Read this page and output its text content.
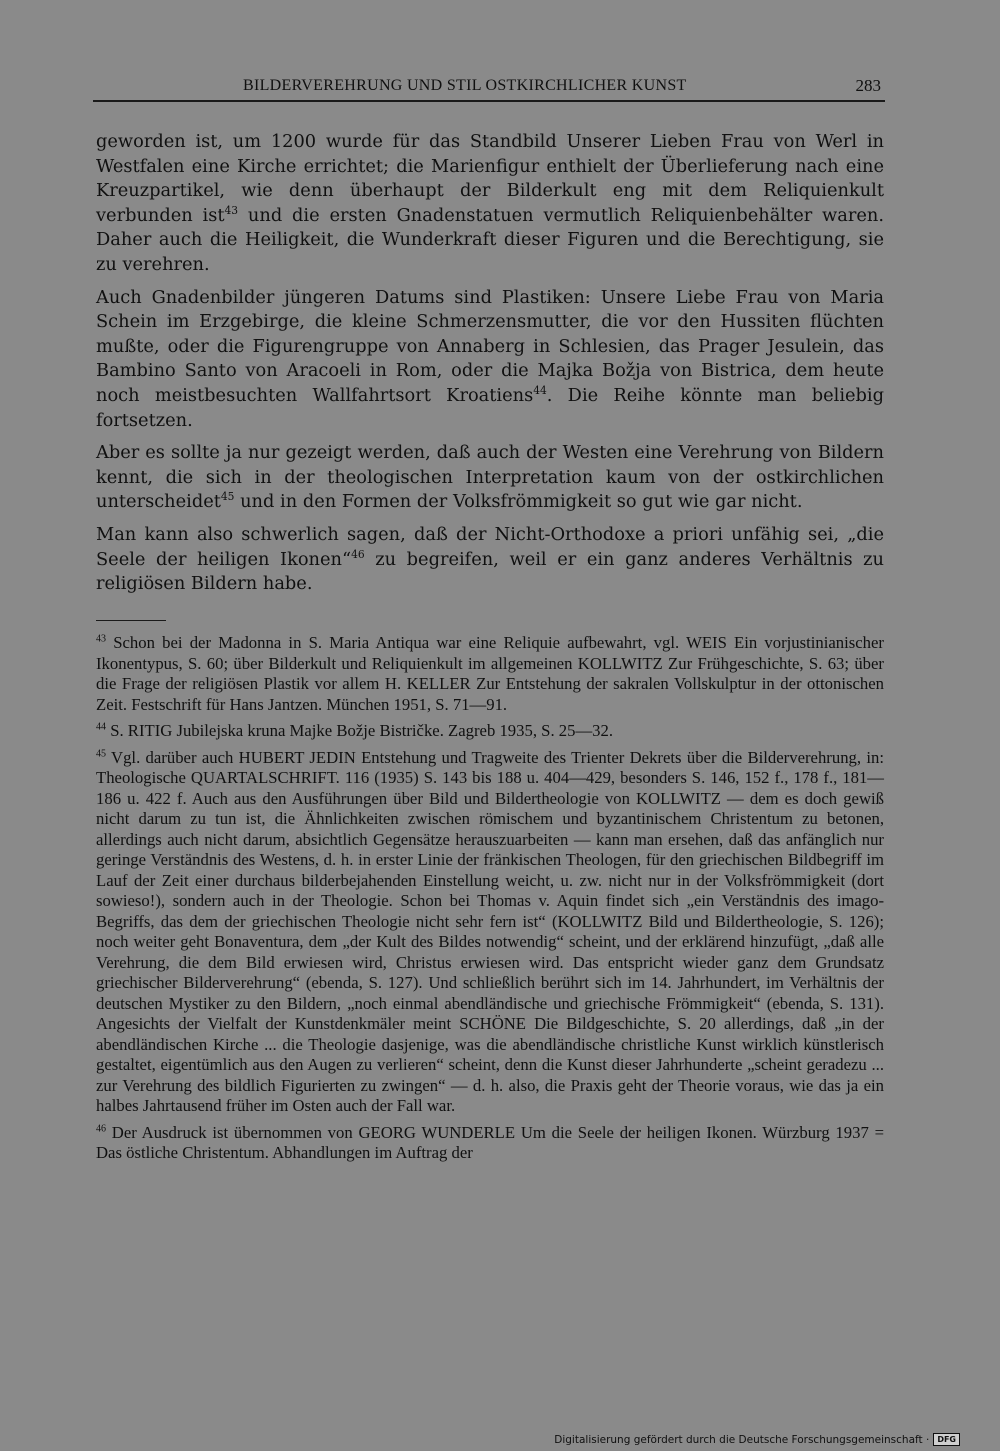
BILDERVEREHRUNG UND STIL OSTKIRCHLICHER KUNST	283

geworden ist, um 1200 wurde für das Standbild Unserer Lieben Frau von Werl in Westfalen eine Kirche errichtet; die Marienfigur enthielt der Überlieferung nach eine Kreuzpartikel, wie denn überhaupt der Bilderkult eng mit dem Reliquienkult verbunden ist$^{43}$ und die ersten Gnadenstatuen vermutlich Reliquienbehälter waren. Daher auch die Heiligkeit, die Wunderkraft dieser Figuren und die Berechtigung, sie zu verehren.

Auch Gnadenbilder jüngeren Datums sind Plastiken: Unsere Liebe Frau von Maria Schein im Erzgebirge, die kleine Schmerzensmutter, die vor den Hussiten flüchten mußte, oder die Figurengruppe von Annaberg in Schlesien, das Prager Jesulein, das Bambino Santo von Aracoeli in Rom, oder die Majka Božja von Bistrica, dem heute noch meistbesuchten Wallfahrtsort Kroatiens$^{44}$. Die Reihe könnte man beliebig fortsetzen.

Aber es sollte ja nur gezeigt werden, daß auch der Westen eine Verehrung von Bildern kennt, die sich in der theologischen Interpretation kaum von der ostkirchlichen unterscheidet$^{45}$ und in den Formen der Volksfrömmigkeit so gut wie gar nicht.

Man kann also schwerlich sagen, daß der Nicht-Orthodoxe a priori unfähig sei, „die Seele der heiligen Ikonen“$^{46}$ zu begreifen, weil er ein ganz anderes Verhältnis zu religiösen Bildern habe.

$^{43}$ Schon bei der Madonna in S. Maria Antiqua war eine Reliquie aufbewahrt, vgl. WEIS Ein vorjustinianischer Ikonentypus, S. 60; über Bilderkult und Reliquienkult im allgemeinen KOLLWITZ Zur Frühgeschichte, S. 63; über die Frage der religiösen Plastik vor allem H. KELLER Zur Entstehung der sakralen Vollskulptur in der ottonischen Zeit. Festschrift für Hans Jantzen. München 1951, S. 71—91.

$^{44}$ S. RITIG Jubilejska kruna Majke Božje Bistričke. Zagreb 1935, S. 25—32.

$^{45}$ Vgl. darüber auch HUBERT JEDIN Entstehung und Tragweite des Trienter Dekrets über die Bilderverehrung, in: Theologische QUARTALSCHRIFT. 116 (1935) S. 143 bis 188 u. 404—429, besonders S. 146, 152 f., 178 f., 181—186 u. 422 f. Auch aus den Ausführungen über Bild und Bildertheologie von KOLLWITZ — dem es doch gewiß nicht darum zu tun ist, die Ähnlichkeiten zwischen römischem und byzantinischem Christentum zu betonen, allerdings auch nicht darum, absichtlich Gegensätze herauszuarbeiten — kann man ersehen, daß das anfänglich nur geringe Verständnis des Westens, d. h. in erster Linie der fränkischen Theologen, für den griechischen Bildbegriff im Lauf der Zeit einer durchaus bilderbejahenden Einstellung weicht, u. zw. nicht nur in der Volksfrömmigkeit (dort sowieso!), sondern auch in der Theologie. Schon bei Thomas v. Aquin findet sich „ein Verständnis des imago-Begriffs, das dem der griechischen Theologie nicht sehr fern ist“ (KOLLWITZ Bild und Bildertheologie, S. 126); noch weiter geht Bonaventura, dem „der Kult des Bildes notwendig“ scheint, und der erklärend hinzufügt, „daß alle Verehrung, die dem Bild erwiesen wird, Christus erwiesen wird. Das entspricht wieder ganz dem Grundsatz griechischer Bilderverehrung“ (ebenda, S. 127). Und schließlich berührt sich im 14. Jahrhundert, im Verhältnis der deutschen Mystiker zu den Bildern, „noch einmal abendländische und griechische Frömmigkeit“ (ebenda, S. 131). Angesichts der Vielfalt der Kunstdenkmäler meint SCHÖNE Die Bildgeschichte, S. 20 allerdings, daß „in der abendländischen Kirche ... die Theologie dasjenige, was die abendländische christliche Kunst wirklich künstlerisch gestaltet, eigentümlich aus den Augen zu verlieren“ scheint, denn die Kunst dieser Jahrhunderte „scheint geradezu ... zur Verehrung des bildlich Figurierten zu zwingen“ — d. h. also, die Praxis geht der Theorie voraus, wie das ja ein halbes Jahrtausend früher im Osten auch der Fall war.

$^{46}$ Der Ausdruck ist übernommen von GEORG WUNDERLE Um die Seele der heiligen Ikonen. Würzburg 1937 = Das östliche Christentum. Abhandlungen im Auftrag der

Digitalisierung gefördert durch die Deutsche Forschungsgemeinschaft ·	DFG
